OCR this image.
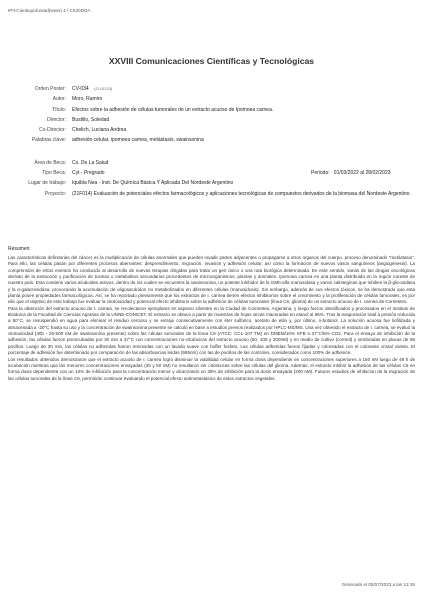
IPII-Cientiquo/Uwad(www) 4 / CIUDDDA
XXVIII Comunicaciones Científicas y Tecnológicas
Orden Poster:	CV-034 (C0-0123)
Autor:	Moro, Ramiro
Título:	Efectos sobre la adhesión de células tumorales de un extracto acuoso de Ipomoea carnea.
Director:	Bustillo, Soledad
Co-Director:	Chelich, Luciana Andrea
Palabras clave:	adhesión celular, ipomoea carnea, metástasis, swainsonina
Área de Beca:	Cs. De La Salud
Tipo Beca:	Cyt - Pregrado	Periodo: 01/03/2022 al 28/02/2023
Lugar de trabajo:	Iquibia Nea - Inst. De Química Básica Y Aplicada Del Nordeste Argentino
Proyecto:	(21F014) Evaluación de potenciales efectos farmacológicos y aplicaciones tecnológicas de compuestos derivados de la biomasa del Nordeste Argentino.
Resumen:

Las características definitorias del cáncer es la multiplicación de células anormales que pueden invadir partes adyacentes o propagarse a otros órganos del cuerpo, proceso denominado "metástasis". Para ello, las células pasan por diferentes procesos aberrantes: desprendimiento, migración, invasión y adhesión celular, así como la formación de nuevos vasos sanguíneos (angiogénesis). La comprensión de estos eventos ha conducido al desarrollo de nuevas terapias dirigidas para tratar un gen único o una ruta biológica determinada. En este sentido, varias de las drogas oncológicas derivan de la extracción y purificación de toxinas o metabolitos secundarios procedentes de microorganismos, plantas y animales. Ipomoea carnea es una planta distribuida en la región noreste de nuestro país. Esta contiene varios alcaloides activos, dentro de los cuales se encuentra la swainsonina, un potente inhibidor de la GMII-alfa manosidasa y varios calisteginas que inhiben la β-glicosidasa y la α-galactosidasa, provocando la acumulación de oligosacáridos no metabolizados en diferentes células (manosidosis). Sin embargo, además de sus efectos tóxicos, se ha demostrado que esta planta posee propiedades farmacológicas. Así, se ha reportado previamente que los extractos de I. carnea tienen efectos inhibitorios sobre el crecimiento y la proliferación de células tumorales, es por ello que el objetivo de este trabajo fue evaluar la citotoxicidad y potencial efecto inhibitorio sobre la adhesión de células tumorales (línea C6, glioma) de un extracto acuoso de I. carnea de Corrientes.

Para la obtención del extracto acuoso de I. carnea, se recolectaron ejemplares en aspecto silvestre en la Ciudad de Corrientes, Argentina, y luego fueron identificados y procesados en el Instituto de Botánica de la Facultad de Ciencias Agrarias de la UNNE-CONICET. El extracto se obtuvo a partir de muestras de hojas secas maceradas en etanol al 96%. Tras la evaporación total a presión reducida a 50°C, se resuspendió en agua para eliminar el residuo cerooso y se extrajo consecutivamente con éter sulfúrico, acetato de etilo y, por último, n-butanol. La solución acuosa fue liofilizada y almacenada a -20°C hasta su uso y la concentración de swainsonina presente se calculó en base a estudios previos realizados por HPLC-MS/MS. Una vez obtenido el extracto de I. carnea, se evaluó la citotoxicidad (40h - 25-500 nM de swainsonina presente) sobre las células tumorales de la línea C6 (ATCC: CCL-107 TM) en DMEM/10% SFB a 37°C/5% CO2. Para el ensayo de inhibición de la adhesión, las células fueron preincubadas por 30 min a 37°C con concentraciones no-citotóxicas del extracto acuoso (50, 100 y 200nM) y en medio de cultivo (control) y sembradas en placas de 96 pocillos. Luego de 30 min, las células no adheridas fueron removidas con un lavado suave con buffer fosfato. Las células adheridas fueron fijadas y coloreadas con el colorante cristal violeta. El porcentaje de adhesión fue determinado por comparación de las absorbancias leídas (595nm) con las de pocillos de las controles, considerados como 100% de adhesión.

Los resultados obtenidos demostraron que el extracto acuoso de I. carnea logró disminuir la viabilidad celular en forma dosis dependiente en concentraciones superiores a 150 nM luego de 48 h de incubación mientras que las menores concentraciones ensayadas (25 y 50 nM) no resultaron ser citotóxicas sobre las células del glioma. Además, el extracto inhibió la adhesión de las células C6 en forma dosis dependiente con un 10% de inhibición para la concentración menor y alcanzando un 35% de inhibición para la dosis ensayada (200 nM). Futuros estudios de inhibición de la migración de las células tumorales de la línea C6, permitirán continuar evaluando el potencial efecto antimetastásico de estos extractos vegetales.

Generado el 03/07/2023 a las 12:15
